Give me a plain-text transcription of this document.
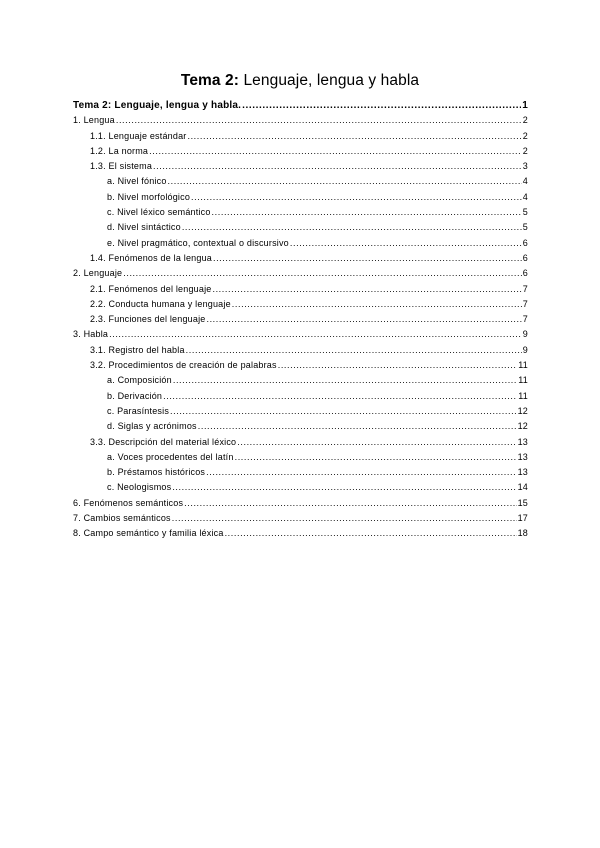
Tema 2: Lenguaje, lengua y habla
Tema 2: Lenguaje, lengua y habla. .....	1
1. Lengua .....	2
1.1. Lenguaje estándar .....	2
1.2. La norma .....	2
1.3. El sistema .....	3
a. Nivel fónico .....	4
b. Nivel morfológico .....	4
c. Nivel léxico semántico .....	5
d. Nivel sintáctico .....	5
e. Nivel pragmático, contextual o discursivo .....	6
1.4. Fenómenos de la lengua .....	6
2. Lenguaje .....	6
2.1. Fenómenos del lenguaje .....	7
2.2. Conducta humana y lenguaje .....	7
2.3. Funciones del lenguaje .....	7
3. Habla .....	9
3.1. Registro del habla .....	9
3.2. Procedimientos de creación de palabras .....	11
a. Composición .....	11
b. Derivación .....	11
c. Parasíntesis .....	12
d. Siglas y acrónimos .....	12
3.3. Descripción del material léxico .....	13
a. Voces procedentes del latín .....	13
b. Préstamos históricos .....	13
c. Neologismos .....	14
6. Fenómenos semánticos .....	15
7. Cambios semánticos .....	17
8. Campo semántico y familia léxica .....	18
